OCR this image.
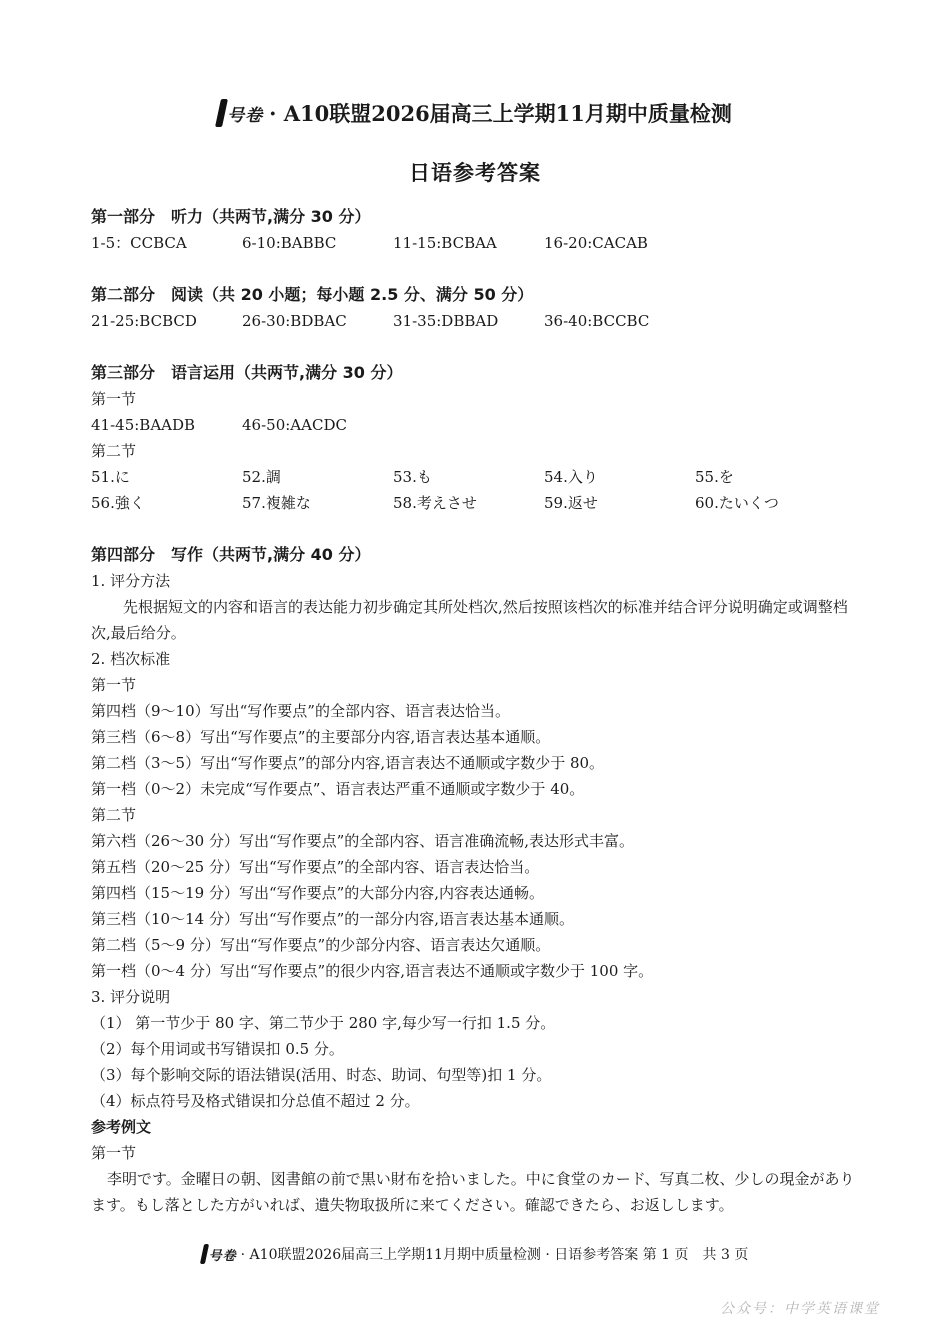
号卷 · A10联盟2026届高三上学期11月期中质量检测
日语参考答案
第一部分　听力（共两节,满分 30 分）
1-5：CCBCA	6-10:BABBC	11-15:BCBAA	16-20:CACAB
第二部分　阅读（共 20 小题；每小题 2.5 分、满分 50 分）
21-25:BCBCD	26-30:BDBAC	31-35:DBBAD	36-40:BCCBC
第三部分　语言运用（共两节,满分 30 分）
第一节
41-45:BAADB	46-50:AACDC
第二节
51.に	52.調	53.も	54.入り	55.を
56.強く	57.複雑な	58.考えさせ	59.返せ	60.たいくつ
第四部分　写作（共两节,满分 40 分）
1. 评分方法
先根据短文的内容和语言的表达能力初步确定其所处档次,然后按照该档次的标准并结合评分说明确定或调整档次,最后给分。
2. 档次标准
第一节
第四档（9～10）写出“写作要点”的全部内容、语言表达恰当。
第三档（6～8）写出“写作要点”的主要部分内容,语言表达基本通顺。
第二档（3～5）写出“写作要点”的部分内容,语言表达不通顺或字数少于 80。
第一档（0～2）未完成“写作要点”、语言表达严重不通顺或字数少于 40。
第二节
第六档（26～30 分）写出“写作要点”的全部内容、语言准确流畅,表达形式丰富。
第五档（20～25 分）写出“写作要点”的全部内容、语言表达恰当。
第四档（15～19 分）写出“写作要点”的大部分内容,内容表达通畅。
第三档（10～14 分）写出“写作要点”的一部分内容,语言表达基本通顺。
第二档（5～9 分）写出“写作要点”的少部分内容、语言表达欠通顺。
第一档（0～4 分）写出“写作要点”的很少内容,语言表达不通顺或字数少于 100 字。
3. 评分说明
（1） 第一节少于 80 字、第二节少于 280 字,每少写一行扣 1.5 分。
（2）每个用词或书写错误扣 0.5 分。
（3）每个影响交际的语法错误(活用、时态、助词、句型等)扣 1 分。
（4）标点符号及格式错误扣分总值不超过 2 分。
参考例文
第一节
李明です。金曜日の朝、図書館の前で黒い財布を拾いました。中に食堂のカード、写真二枚、少しの現金があります。もし落とした方がいれば、遺失物取扱所に来てください。確認できたら、お返しします。
号卷 · A10联盟2026届高三上学期11月期中质量检测 · 日语参考答案 第 1 页　共 3 页
公众号：中学英语课堂
